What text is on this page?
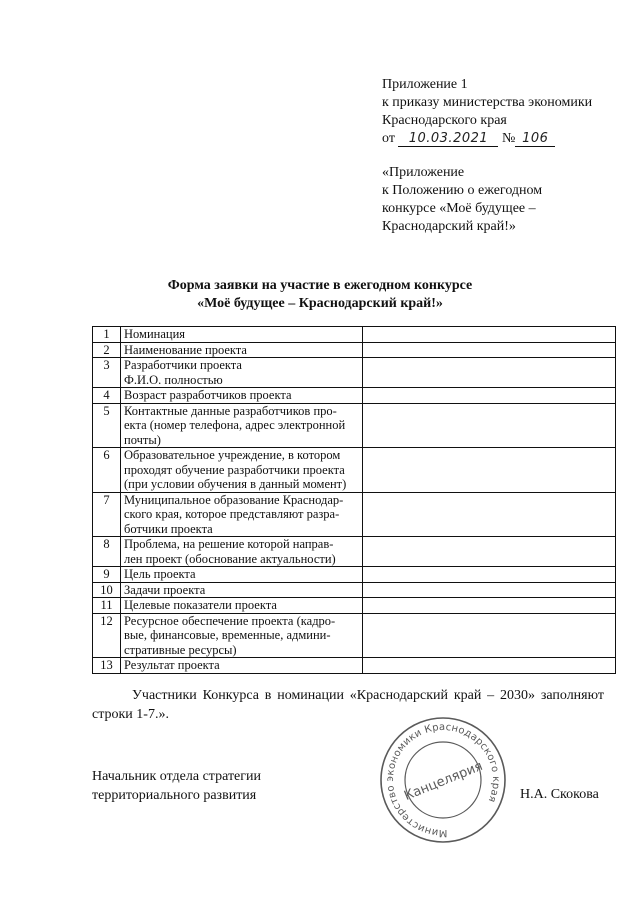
Приложение 1
к приказу министерства экономики
Краснодарского края
от 10.03.2021 № 106
«Приложение
к Положению о ежегодном
конкурсе «Моё будущее –
Краснодарский край!»
Форма заявки на участие в ежегодном конкурсе
«Моё будущее – Краснодарский край!»
1	Номинация	

2	Наименование проекта	

3	Разработчики проекта
Ф.И.О. полностью	

4	Возраст разработчиков проекта	

5	Контактные данные разработчиков про-
екта (номер телефона, адрес электронной
почты)	

6	Образовательное учреждение, в котором
проходят обучение разработчики проекта
(при условии обучения в данный момент)	

7	Муниципальное образование Краснодар-
ского края, которое представляют разра-
ботчики проекта	

8	Проблема, на решение которой направ-
лен проект (обоснование актуальности)	

9	Цель проекта	

10	Задачи проекта	

11	Целевые показатели проекта	

12	Ресурсное обеспечение проекта (кадро-
вые, финансовые, временные, админи-
стративные ресурсы)	

13	Результат проекта	

Участники Конкурса в номинации «Краснодарский край – 2030» заполняют строки 1-7.».
Начальник отдела стратегии
территориального развития	Н.А. Скокова
Министерство экономики Краснодарского края
Канцелярия
